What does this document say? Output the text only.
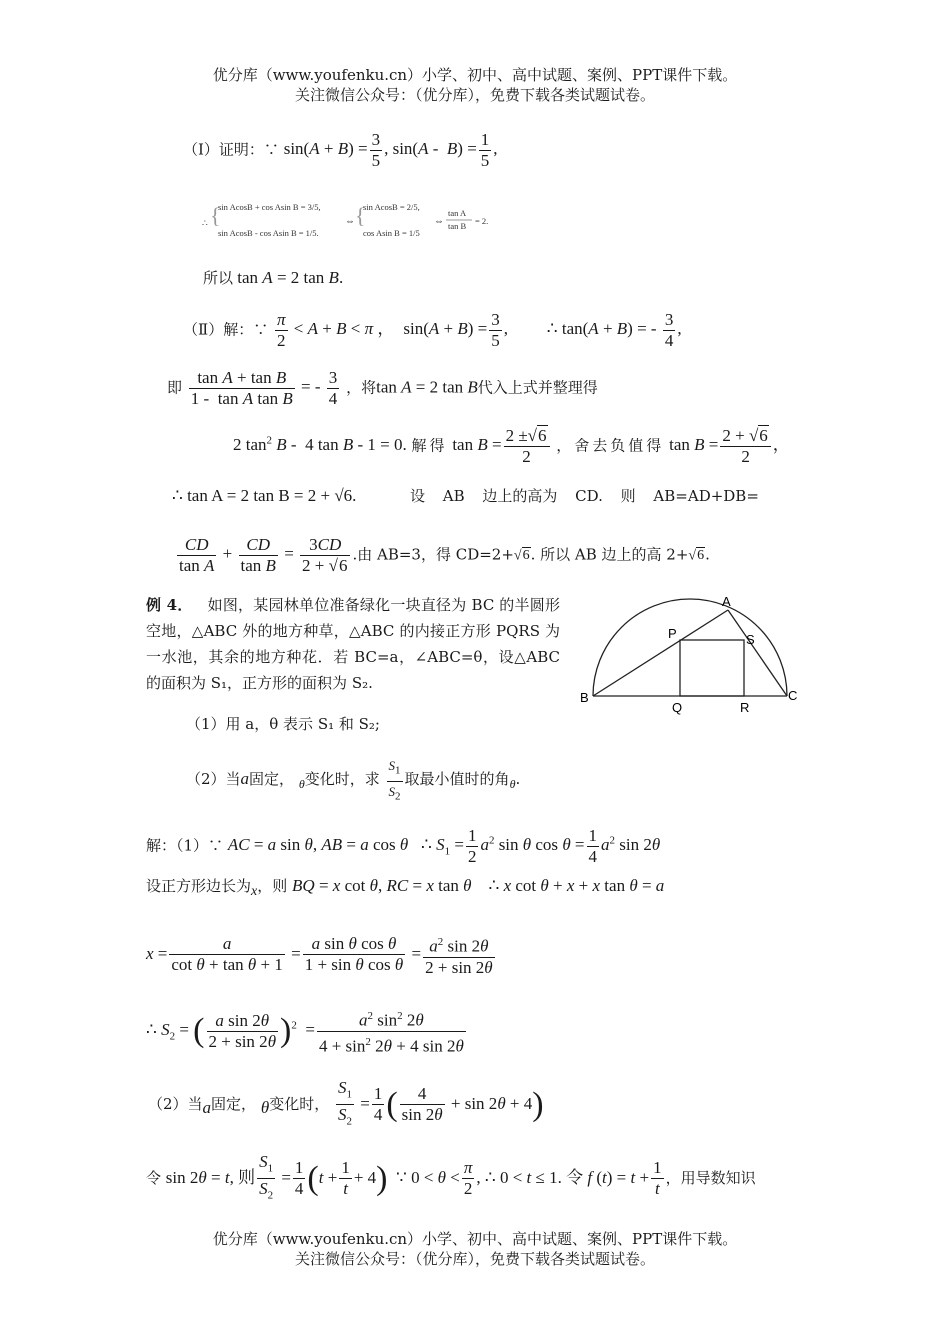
优分库（www.youfenku.cn）小学、初中、高中试题、案例、PPT课件下载。
关注微信公众号：（优分库），免费下载各类试题试卷。
（Ⅰ）证明：∵ $\sin(A + B) = \frac{3}{5}$ , $\sin(A - B) = \frac{1}{5}$ ,
∴ {
sin AcosB + cos Asin B = 3/5,
sin AcosB - cos Asin B = 1/5.
⇔ {
sin AcosB = 2/5,
cos Asin B = 1/5
⇔
tan A
tan B = 2.
所以 tan A = 2 tan B.
（Ⅱ）解：∵ $\frac{\pi}{2} < A + B < \pi$ ，  $\sin(A + B) = \frac{3}{5}$ ,         ∴ tan(A + B) = - $\frac{3}{4}$ ,
即 $\frac{\text{tan A + tan B}}{\text{1 -  tan A tan B}}$ = - $\frac{3}{4}$ ，将tan A = 2 tan B代入上式并整理得
2 $\tan^2 B - 4$ tan B - 1 = 0. 解得 $\tan B = \frac{2 \pm√6}{2}$ ，舍去负值得 $\tan B = \frac{2 + √6}{2}$ ，
∴ tan A = 2 tan B = 2 + √6.	设 AB 边上的高为 CD. 则 AB=AD+DB=
$\frac{CD}{\text{tan A}} + \frac{CD}{\text{tan B}} = \frac{3CD}{2 + √6}$ .由 AB=3，得 CD=2+√6. 所以 AB 边上的高 2+√6.
例 4． 如图，某园林单位准备绿化一块直径为 BC 的半圆形空地，△ABC 外的地方种草，△ABC 的内接正方形 PQRS 为一水池，其余的地方种花．若 BC=a，∠ABC=θ，设△ABC 的面积为 S₁，正方形的面积为 S₂.
A
P	S
B
Q	R
C
（1）用 a，θ 表示 S₁ 和 S₂;
（2）当a固定， $_\theta$变化时，求 $\frac{S_1}{S_2}$ 取最小值时的角$_\theta$.
解：（1）∵ AC = a sin θ, AB = a cos θ   ∴ $S_1 = \frac{1}{2} a^2$ sin θ $\cos \theta = \frac{1}{4} a^2$ sin 2θ
设正方形边长为x，则 BQ = x cot θ, RC = x tan θ    ∴ x cot θ + x + x tan θ = a
$x = \frac{a}{\text{cot θ + tan θ + 1}} = \frac{\text{a sin θ cos θ}}{\text{1 + sin θ cos θ}} = \frac{a^2 \sin 2\theta}{2 + \sin 2\theta}$
∴ $S_2$ = ( $\frac{\text{a sin 2θ}}{2 + \sin 2\theta} )^2 = \frac{a^2 \sin^2 2\theta}{4 + \sin^2 2\theta + 4 \sin 2\theta}$
（2）当a固定， θ变化时， $\frac{S_1}{S_2} = \frac{1}{4}$ ( $\frac{4}{\sin 2\theta} + \sin 2\theta + 4$)
令 sin 2θ = t, 则 $\frac{S_1}{S_2} = \frac{1}{4} (t + \frac{1}{t} + 4)$  ∵ $0 < \theta < \frac{\pi}{2}$ , ∴ 0 < t ≤ 1. 令 f $(t) = t + \frac{1}{t}$ ，用导数知识
优分库（www.youfenku.cn）小学、初中、高中试题、案例、PPT课件下载。
关注微信公众号：（优分库），免费下载各类试题试卷。
